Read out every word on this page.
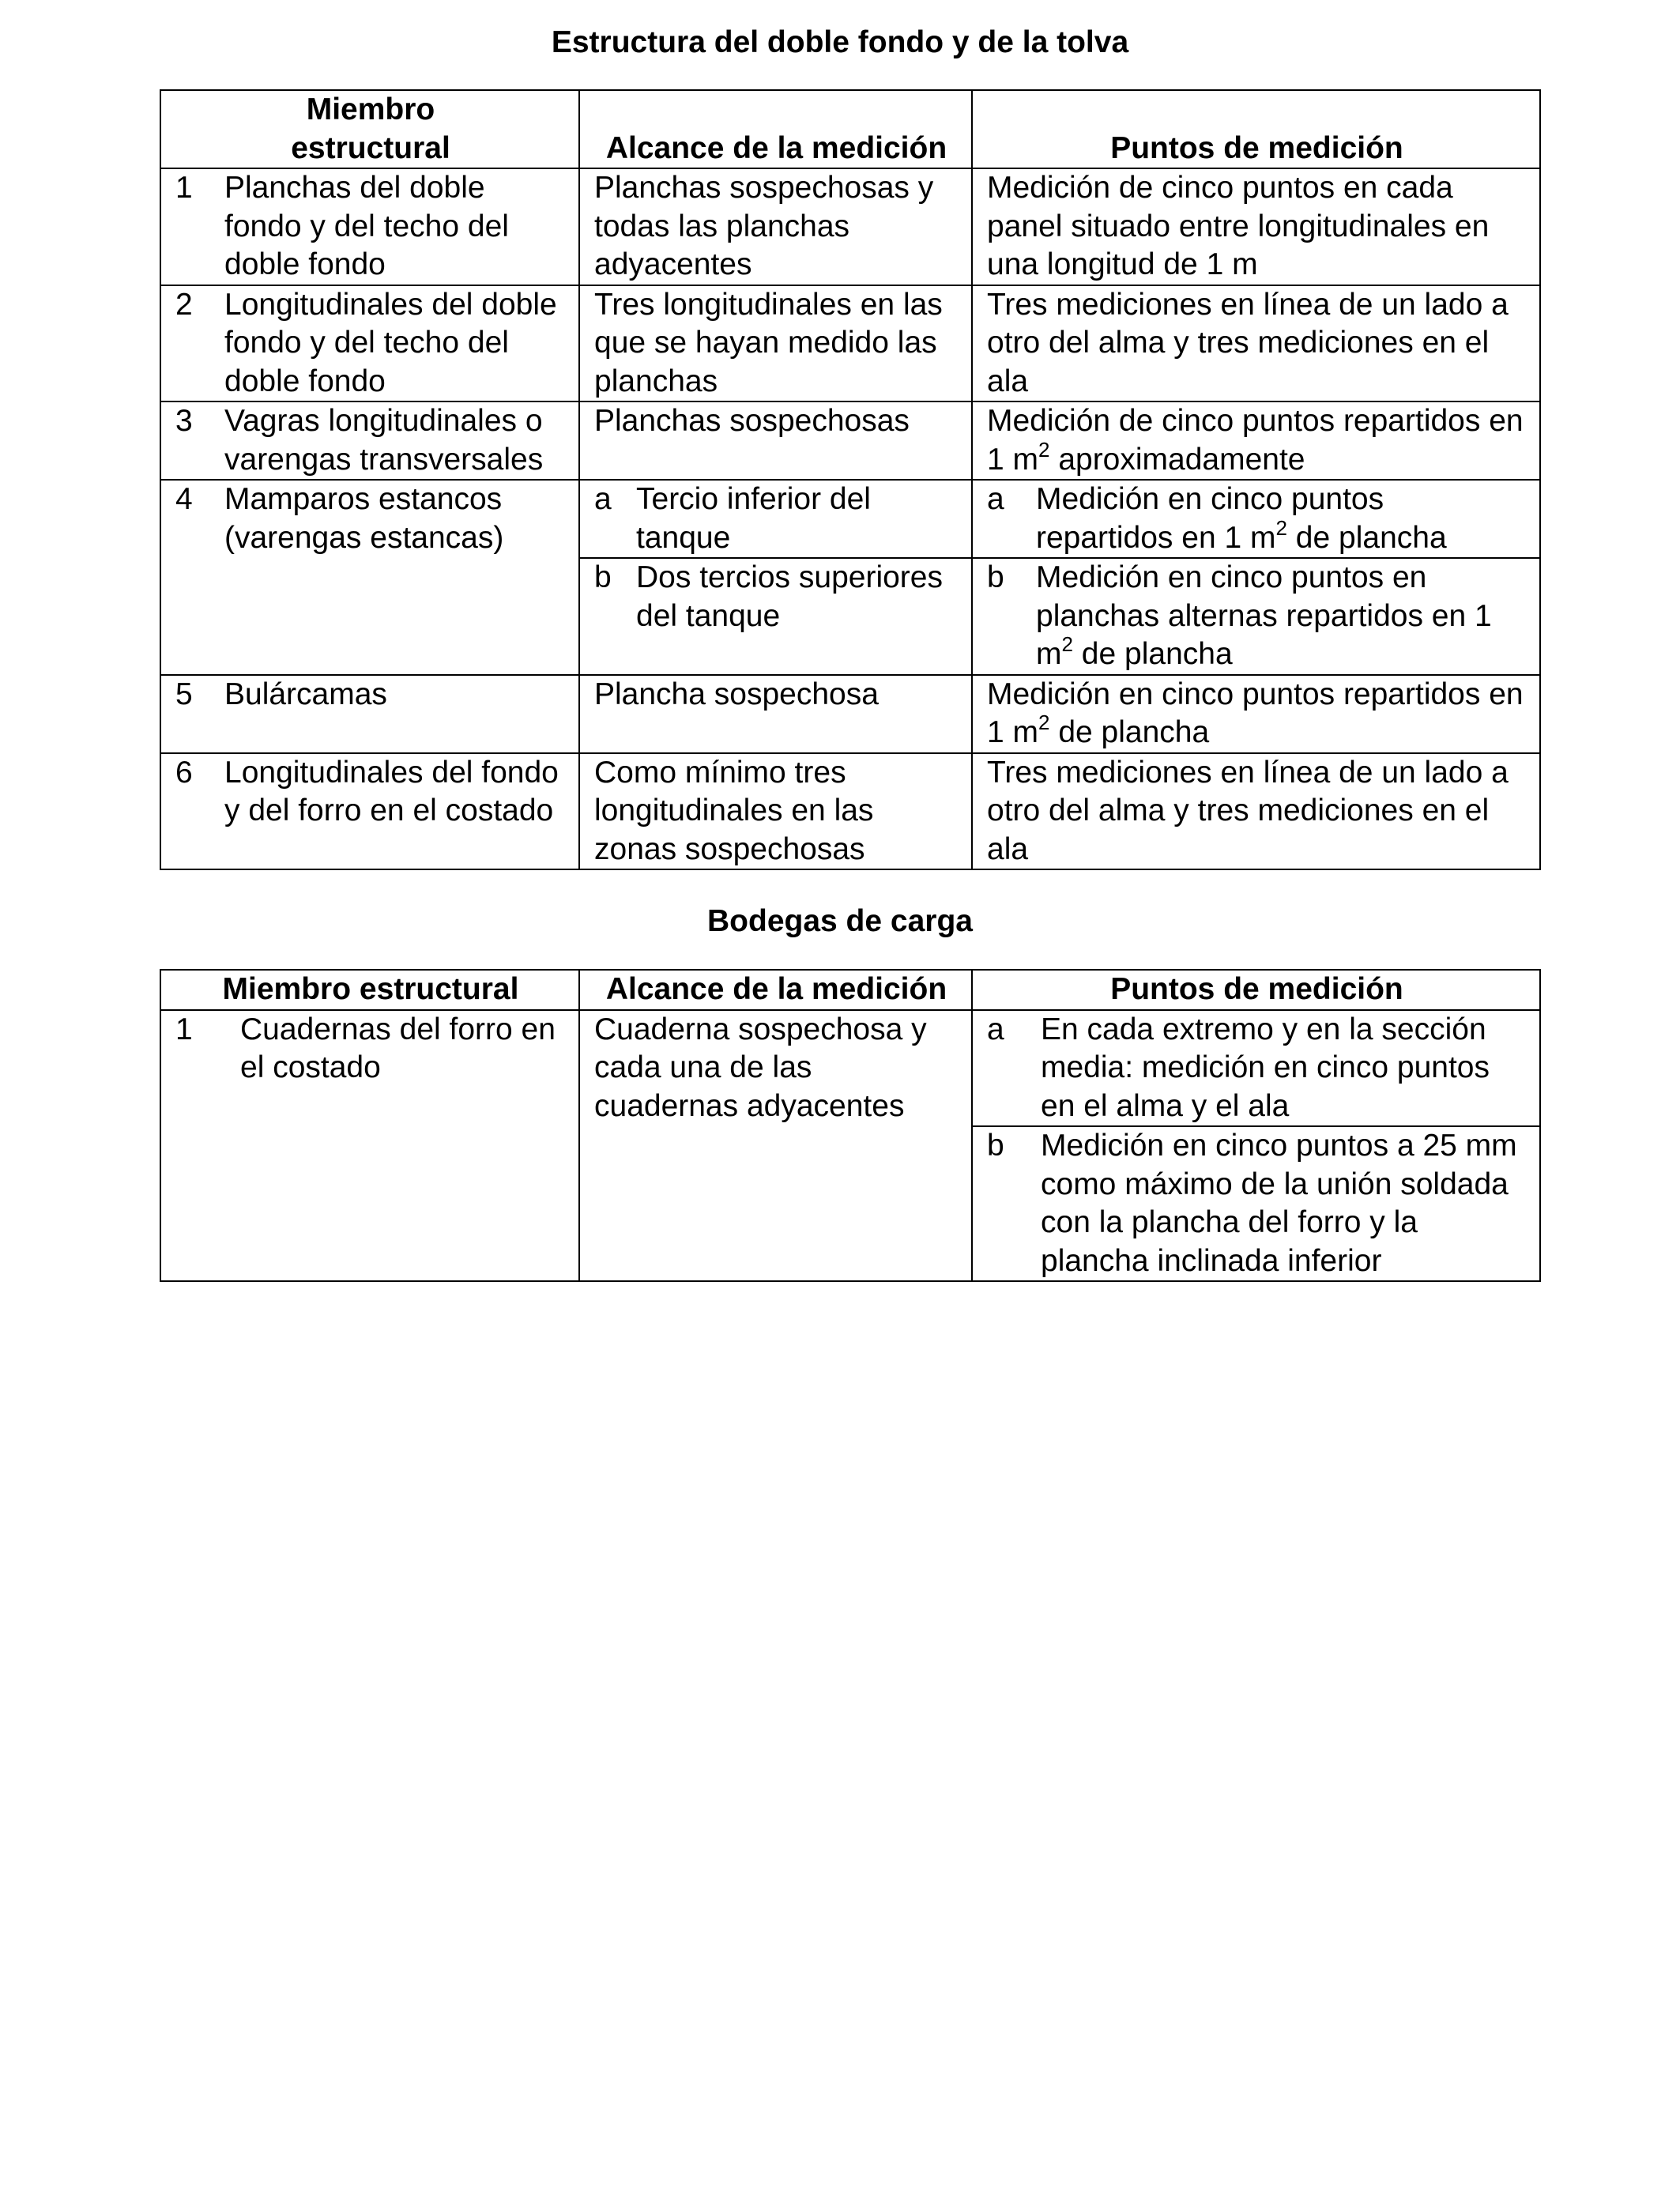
Estructura del doble fondo y de la tolva
Miembro
estructural	Alcance de la medición	Puntos de medición

1 Planchas del doble fondo y del techo del doble fondo	Planchas sospechosas y todas las planchas adyacentes	Medición de cinco puntos en cada panel situado entre longitudinales en una longitud de 1 m

2 Longitudinales del doble fondo y del techo del doble fondo	Tres longitudinales en las que se hayan medido las planchas	Tres mediciones en línea de un lado a otro del alma y tres mediciones en el ala

3 Vagras longitudinales o varengas transversales	Planchas sospechosas	Medición de cinco puntos repartidos en 1 $m^2$ aproximadamente

4 Mamparos estancos (varengas estancas)	a Tercio inferior del tanque	a Medición en cinco puntos repartidos en 1 $m^2$ de plancha

	b Dos tercios superiores del tanque	b Medición en cinco puntos en planchas alternas repartidos en 1 $m^2$ de plancha

5 Bulárcamas	Plancha sospechosa	Medición en cinco puntos repartidos en 1 $m^2$ de plancha

6 Longitudinales del fondo y del forro en el costado	Como mínimo tres longitudinales en las zonas sospechosas	Tres mediciones en línea de un lado a otro del alma y tres mediciones en el ala
Bodegas de carga
Miembro estructural	Alcance de la medición	Puntos de medición

1 Cuadernas del forro en el costado	Cuaderna sospechosa y cada una de las cuadernas adyacentes	a En cada extremo y en la sección media: medición en cinco puntos en el alma y el ala

		b Medición en cinco puntos a 25 mm como máximo de la unión soldada con la plancha del forro y la plancha inclinada inferior
